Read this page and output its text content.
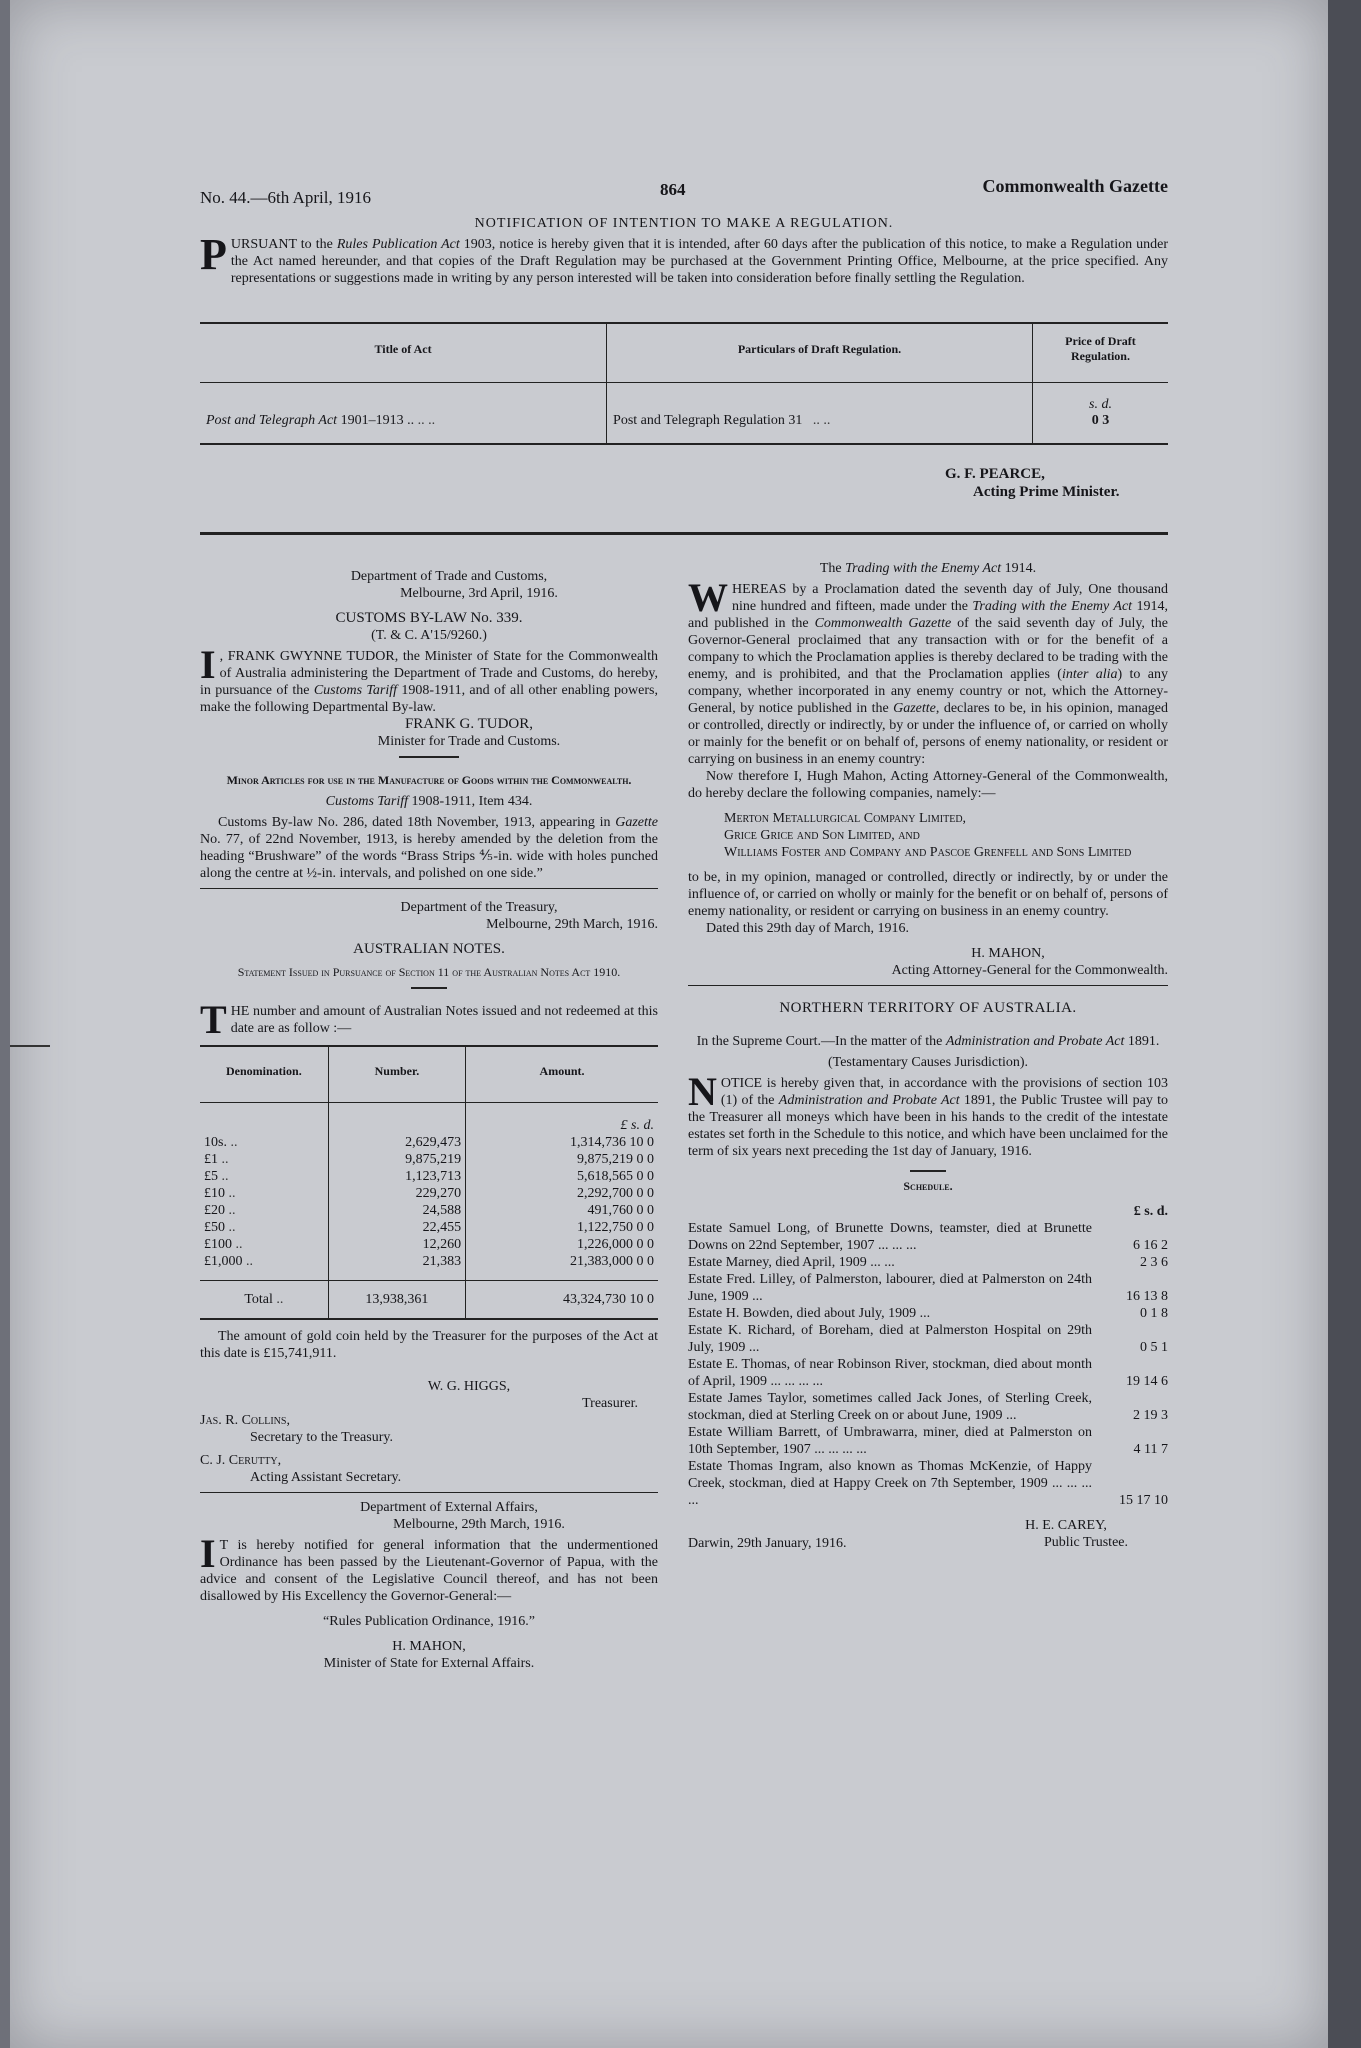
No. 44.—6th April, 1916	864	Commonwealth Gazette
NOTIFICATION OF INTENTION TO MAKE A REGULATION.
PURSUANT to the Rules Publication Act 1903, notice is hereby given that it is intended, after 60 days after the publication of this notice, to make a Regulation under the Act named hereunder, and that copies of the Draft Regulation may be purchased at the Government Printing Office, Melbourne, at the price specified. Any representations or suggestions made in writing by any person interested will be taken into consideration before finally settling the Regulation.
Title of Act	Particulars of Draft Regulation.	Price of Draft Regulation.
Post and Telegraph Act 1901–1913 .. .. ..	Post and Telegraph Regulation 31 .. ..	s. d.
0 3
G. F. PEARCE,
Acting Prime Minister.
Department of Trade and Customs,
Melbourne, 3rd April, 1916.
CUSTOMS BY-LAW No. 339.
(T. & C. A'15/9260.)
I , FRANK GWYNNE TUDOR, the Minister of State for the Commonwealth of Australia administering the Department of Trade and Customs, do hereby, in pursuance of the Customs Tariff 1908-1911, and of all other enabling powers, make the following Departmental By-law.
FRANK G. TUDOR,
Minister for Trade and Customs.
Minor Articles for use in the Manufacture of Goods within the Commonwealth.
Customs Tariff 1908-1911, Item 434.
Customs By-law No. 286, dated 18th November, 1913, appearing in Gazette No. 77, of 22nd November, 1913, is hereby amended by the deletion from the heading “Brushware” of the words “Brass Strips ⅘-in. wide with holes punched along the centre at ½-in. intervals, and polished on one side.”
Department of the Treasury,
Melbourne, 29th March, 1916.
AUSTRALIAN NOTES.
Statement Issued in Pursuance of Section 11 of the Australian Notes Act 1910.
THE number and amount of Australian Notes issued and not redeemed at this date are as follow :—
Denomination.	Number.	Amount.
		£ s. d.
10s. ..	2,629,473	1,314,736 10 0
£1 ..	9,875,219	9,875,219 0 0
£5 ..	1,123,713	5,618,565 0 0
£10 ..	229,270	2,292,700 0 0
£20 ..	24,588	491,760 0 0
£50 ..	22,455	1,122,750 0 0
£100 ..	12,260	1,226,000 0 0
£1,000 ..	21,383	21,383,000 0 0
Total ..	13,938,361	43,324,730 10 0
The amount of gold coin held by the Treasurer for the purposes of the Act at this date is £15,741,911.
W. G. HIGGS,
Treasurer.
Jas. R. Collins,
Secretary to the Treasury.
C. J. Cerutty,
Acting Assistant Secretary.
Department of External Affairs,
Melbourne, 29th March, 1916.
I T is hereby notified for general information that the undermentioned Ordinance has been passed by the Lieutenant-Governor of Papua, with the advice and consent of the Legislative Council thereof, and has not been disallowed by His Excellency the Governor-General:—
“Rules Publication Ordinance, 1916.”
H. MAHON,
Minister of State for External Affairs.
The Trading with the Enemy Act 1914.
WHEREAS by a Proclamation dated the seventh day of July, One thousand nine hundred and fifteen, made under the Trading with the Enemy Act 1914, and published in the Commonwealth Gazette of the said seventh day of July, the Governor-General proclaimed that any transaction with or for the benefit of a company to which the Proclamation applies is thereby declared to be trading with the enemy, and is prohibited, and that the Proclamation applies (inter alia) to any company, whether incorporated in any enemy country or not, which the Attorney-General, by notice published in the Gazette, declares to be, in his opinion, managed or controlled, directly or indirectly, by or under the influence of, or carried on wholly or mainly for the benefit or on behalf of, persons of enemy nationality, or resident or carrying on business in an enemy country:
Now therefore I, Hugh Mahon, Acting Attorney-General of the Commonwealth, do hereby declare the following companies, namely:—
Merton Metallurgical Company Limited,
Grice Grice and Son Limited, and
Williams Foster and Company and Pascoe Grenfell and Sons Limited
to be, in my opinion, managed or controlled, directly or indirectly, by or under the influence of, or carried on wholly or mainly for the benefit or on behalf of, persons of enemy nationality, or resident or carrying on business in an enemy country.
Dated this 29th day of March, 1916.
H. MAHON,
Acting Attorney-General for the Commonwealth.
NORTHERN TERRITORY OF AUSTRALIA.
In the Supreme Court.—In the matter of the Administration and Probate Act 1891.
(Testamentary Causes Jurisdiction).
NOTICE is hereby given that, in accordance with the provisions of section 103 (1) of the Administration and Probate Act 1891, the Public Trustee will pay to the Treasurer all moneys which have been in his hands to the credit of the intestate estates set forth in the Schedule to this notice, and which have been unclaimed for the term of six years next preceding the 1st day of January, 1916.
Schedule.
	£ s. d.
Estate Samuel Long, of Brunette Downs, teamster, died at Brunette Downs on 22nd September, 1907 ... ... ...	6 16 2
Estate Marney, died April, 1909 ... ...	2 3 6
Estate Fred. Lilley, of Palmerston, labourer, died at Palmerston on 24th June, 1909 ...	16 13 8
Estate H. Bowden, died about July, 1909 ...	0 1 8
Estate K. Richard, of Boreham, died at Palmerston Hospital on 29th July, 1909 ...	0 5 1
Estate E. Thomas, of near Robinson River, stockman, died about month of April, 1909 ... ... ... ...	19 14 6
Estate James Taylor, sometimes called Jack Jones, of Sterling Creek, stockman, died at Sterling Creek on or about June, 1909 ...	2 19 3
Estate William Barrett, of Umbrawarra, miner, died at Palmerston on 10th September, 1907 ... ... ... ...	4 11 7
Estate Thomas Ingram, also known as Thomas McKenzie, of Happy Creek, stockman, died at Happy Creek on 7th September, 1909 ... ... ... ...	15 17 10
Darwin, 29th January, 1916.
H. E. CAREY,
Public Trustee.
